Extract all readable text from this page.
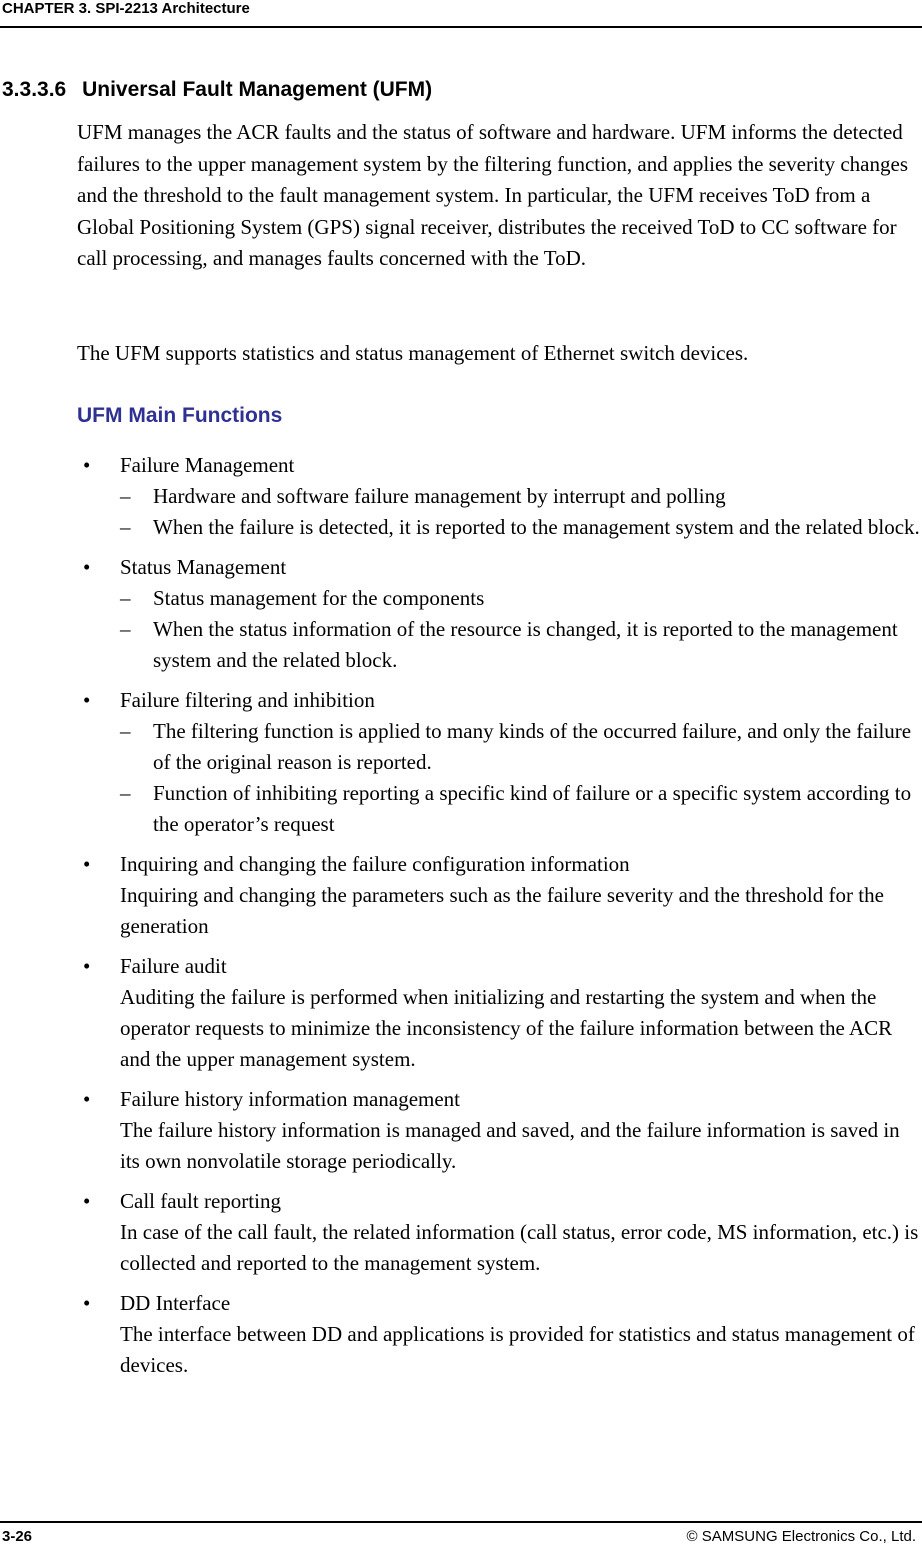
CHAPTER 3. SPI-2213 Architecture
3.3.3.6 Universal Fault Management (UFM)
UFM manages the ACR faults and the status of software and hardware. UFM informs the detected failures to the upper management system by the filtering function, and applies the severity changes and the threshold to the fault management system. In particular, the UFM receives ToD from a Global Positioning System (GPS) signal receiver, distributes the received ToD to CC software for call processing, and manages faults concerned with the ToD.
The UFM supports statistics and status management of Ethernet switch devices.
UFM Main Functions
•	Failure Management
– Hardware and software failure management by interrupt and polling
– When the failure is detected, it is reported to the management system and the related block.
•	Status Management
– Status management for the components
– When the status information of the resource is changed, it is reported to the management system and the related block.
•	Failure filtering and inhibition
– The filtering function is applied to many kinds of the occurred failure, and only the failure of the original reason is reported.
– Function of inhibiting reporting a specific kind of failure or a specific system according to the operator’s request
•	Inquiring and changing the failure configuration information
Inquiring and changing the parameters such as the failure severity and the threshold for the generation
•	Failure audit
Auditing the failure is performed when initializing and restarting the system and when the operator requests to minimize the inconsistency of the failure information between the ACR and the upper management system.
•	Failure history information management
The failure history information is managed and saved, and the failure information is saved in its own nonvolatile storage periodically.
•	Call fault reporting
In case of the call fault, the related information (call status, error code, MS information, etc.) is collected and reported to the management system.
•	DD Interface
The interface between DD and applications is provided for statistics and status management of devices.
3-26	© SAMSUNG Electronics Co., Ltd.
